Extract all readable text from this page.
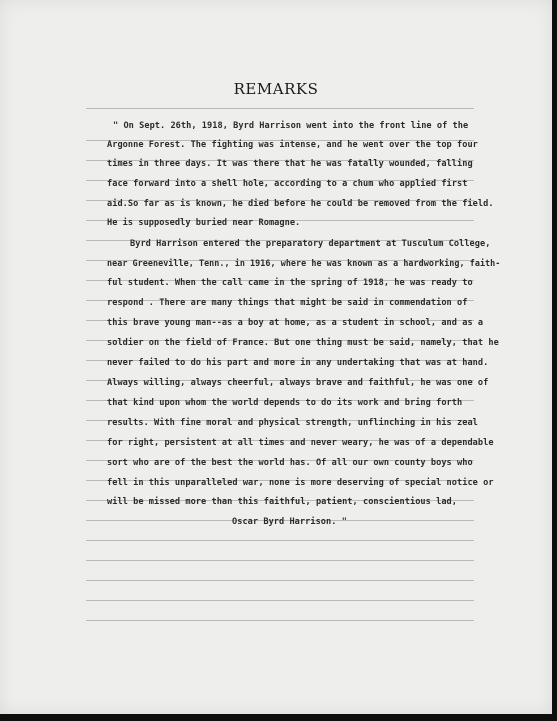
REMARKS
" On Sept. 26th, 1918, Byrd Harrison went into the front line of the
Argonne Forest. The fighting was intense, and he went over the top four
times in three days. It was there that he was fatally wounded, falling
face forward into a shell hole, according to a chum who applied first
aid.So far as is known, he died before he could be removed from the field.
He is supposedly buried near Romagne.
Byrd Harrison entered the preparatory department at Tusculum College,
near Greeneville, Tenn., in 1916, where he was known as a hardworking, faith-
ful student. When the call came in the spring of 1918, he was ready to
respond . There are many things that might be said in commendation of
this brave young man--as a boy at home, as a student in school, and as a
soldier on the field of France. But one thing must be said, namely, that he
never failed to do his part and more in any undertaking that was at hand.
Always willing, always cheerful, always brave and faithful, he was one of
that kind upon whom the world depends to do its work and bring forth
results. With fine moral and physical strength, unflinching in his zeal
for right, persistent at all times and never weary, he was of a dependable
sort who are of the best the world has. Of all our own county boys who
fell in this unparalleled war, none is more deserving of special notice or
will be missed more than this faithful, patient, conscientious lad,
Oscar Byrd Harrison. "
